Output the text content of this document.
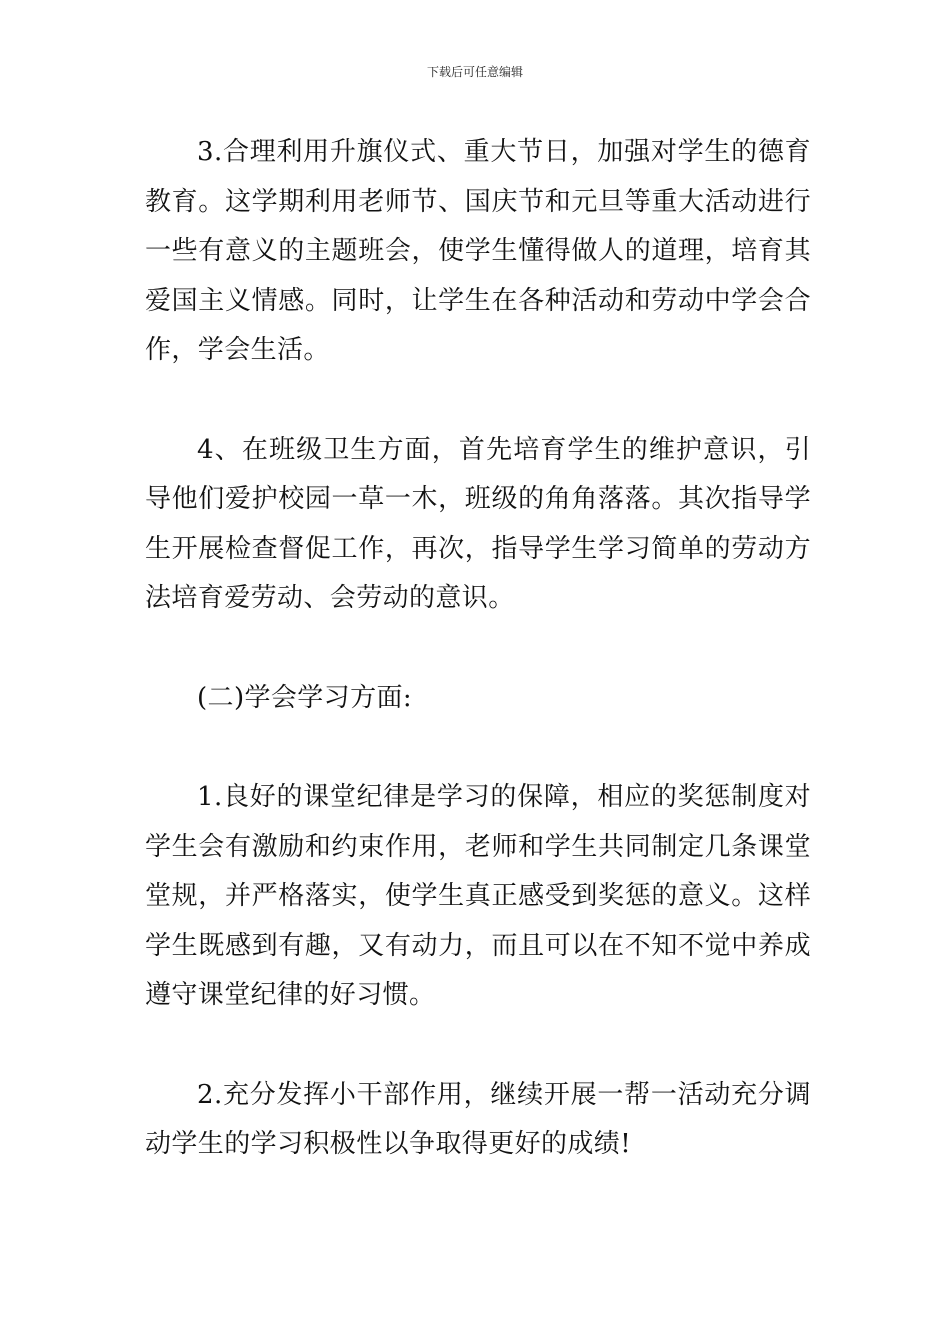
下载后可任意编辑

3.合理利用升旗仪式、重大节日，加强对学生的德育教育。这学期利用老师节、国庆节和元旦等重大活动进行一些有意义的主题班会，使学生懂得做人的道理，培育其爱国主义情感。同时，让学生在各种活动和劳动中学会合作，学会生活。

4、在班级卫生方面，首先培育学生的维护意识，引导他们爱护校园一草一木，班级的角角落落。其次指导学生开展检查督促工作，再次，指导学生学习简单的劳动方法培育爱劳动、会劳动的意识。

(二)学会学习方面:

1.良好的课堂纪律是学习的保障，相应的奖惩制度对学生会有激励和约束作用，老师和学生共同制定几条课堂堂规，并严格落实，使学生真正感受到奖惩的意义。这样学生既感到有趣，又有动力，而且可以在不知不觉中养成遵守课堂纪律的好习惯。

2.充分发挥小干部作用，继续开展一帮一活动充分调动学生的学习积极性以争取得更好的成绩!
